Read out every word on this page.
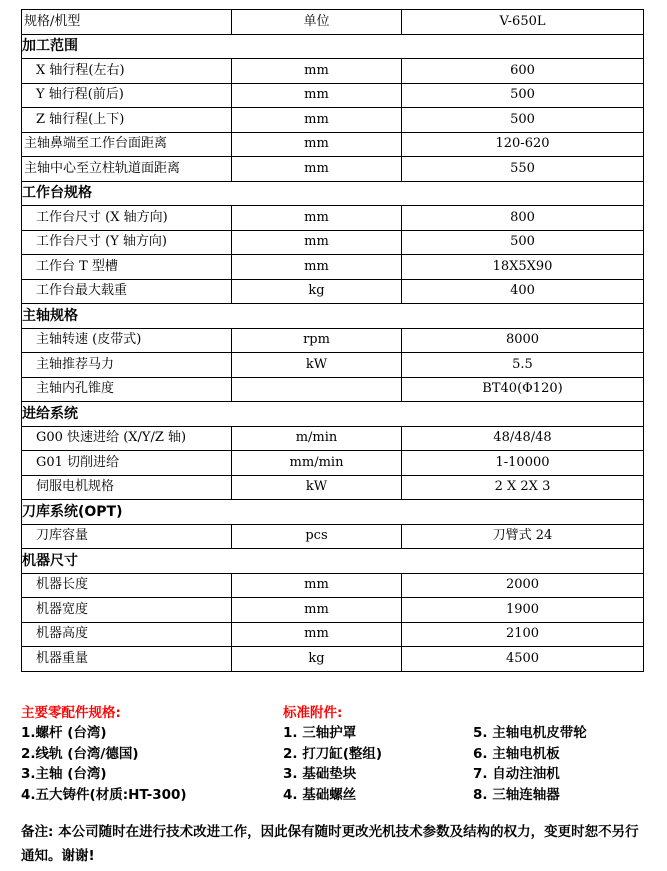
规格/机型	单位	V-650L
加工范围		
X 轴行程(左右)	mm	600
Y 轴行程(前后)	mm	500
Z 轴行程(上下)	mm	500
主轴鼻端至工作台面距离	mm	120-620
主轴中心至立柱轨道面距离	mm	550
工作台规格		
工作台尺寸 (X 轴方向)	mm	800
工作台尺寸 (Y 轴方向)	mm	500
工作台 T 型槽	mm	18X5X90
工作台最大载重	kg	400
主轴规格		
主轴转速 (皮带式)	rpm	8000
主轴推荐马力	kW	5.5
主轴内孔锥度		BT40(Φ120)
进给系统		
G00 快速进给 (X/Y/Z 轴)	m/min	48/48/48
G01 切削进给	mm/min	1-10000
伺服电机规格	kW	2 X 2X 3
刀库系统(OPT)		
刀库容量	pcs	刀臂式 24
机器尺寸		
机器长度	mm	2000
机器宽度	mm	1900
机器高度	mm	2100
机器重量	kg	4500
主要零配件规格:
1.螺杆 (台湾)
2.线轨 (台湾/德国)
3.主轴 (台湾)
4.五大铸件(材质:HT-300)
标准附件:
1. 三轴护罩
2. 打刀缸(整组)
3. 基础垫块
4. 基础螺丝
5. 主轴电机皮带轮
6. 主轴电机板
7. 自动注油机
8. 三轴连轴器
备注: 本公司随时在进行技术改进工作，因此保有随时更改光机技术参数及结构的权力，变更时恕不另行通知。谢谢!
